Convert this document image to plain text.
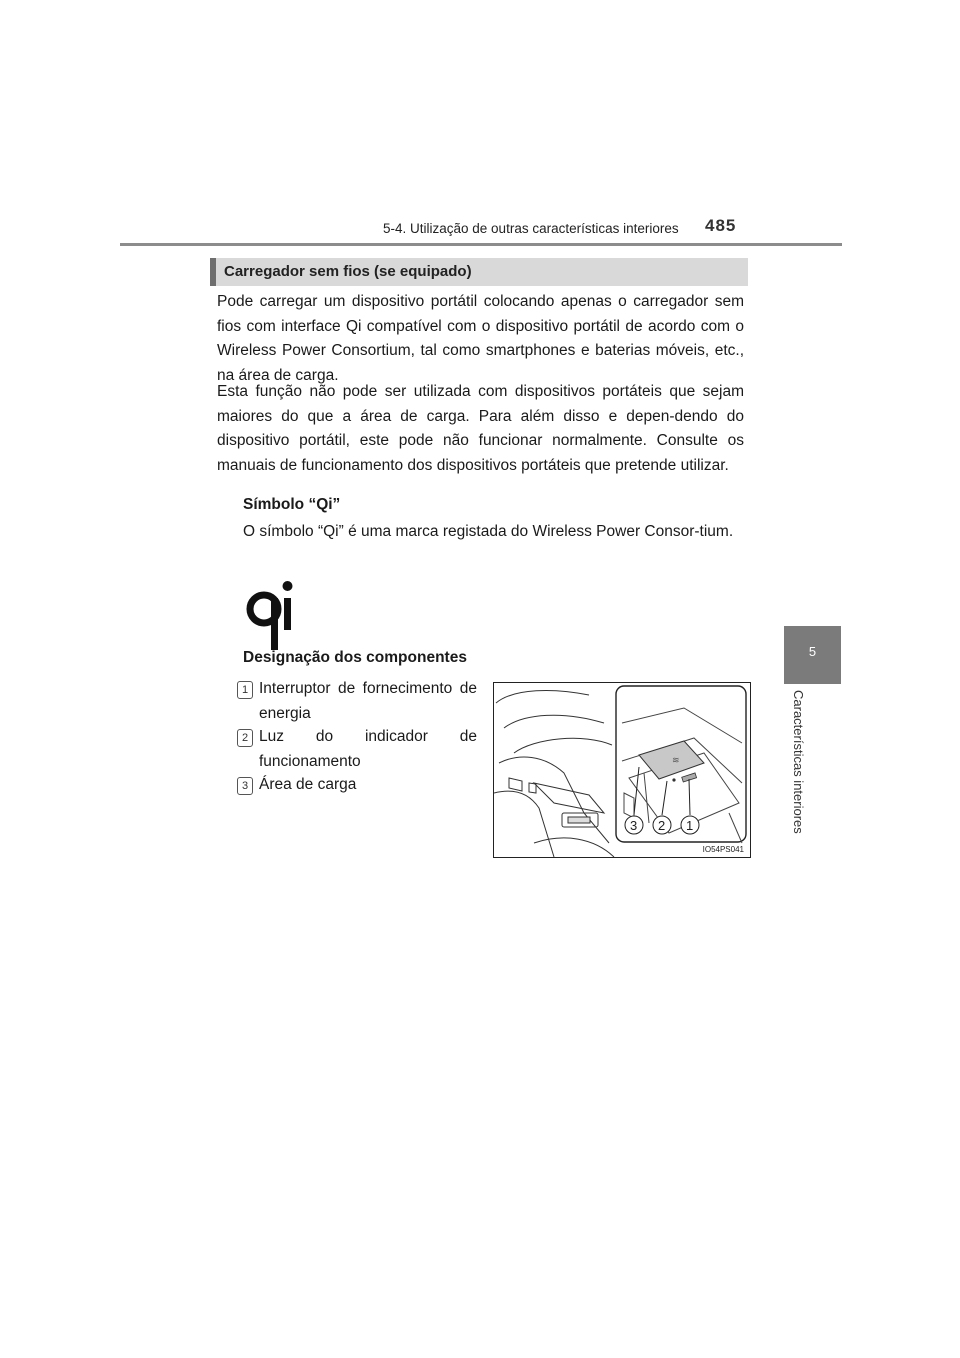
5-4. Utilização de outras características interiores 485
5
Características interiores
Carregador sem fios (se equipado)
Pode carregar um dispositivo portátil colocando apenas o carregador sem fios com interface Qi compatível com o dispositivo portátil de acordo com o Wireless Power Consortium, tal como smartphones e baterias móveis, etc., na área de carga.
Esta função não pode ser utilizada com dispositivos portáteis que sejam maiores do que a área de carga. Para além disso e depen-dendo do dispositivo portátil, este pode não funcionar normalmente. Consulte os manuais de funcionamento dos dispositivos portáteis que pretende utilizar.
Símbolo “Qi”
O símbolo “Qi” é uma marca registada do Wireless Power Consor-tium.
Designação dos componentes
1 Interruptor de fornecimento de energia
2 Luz do indicador de funcionamento
3 Área de carga
≋
3 2 1
IO54PS041
